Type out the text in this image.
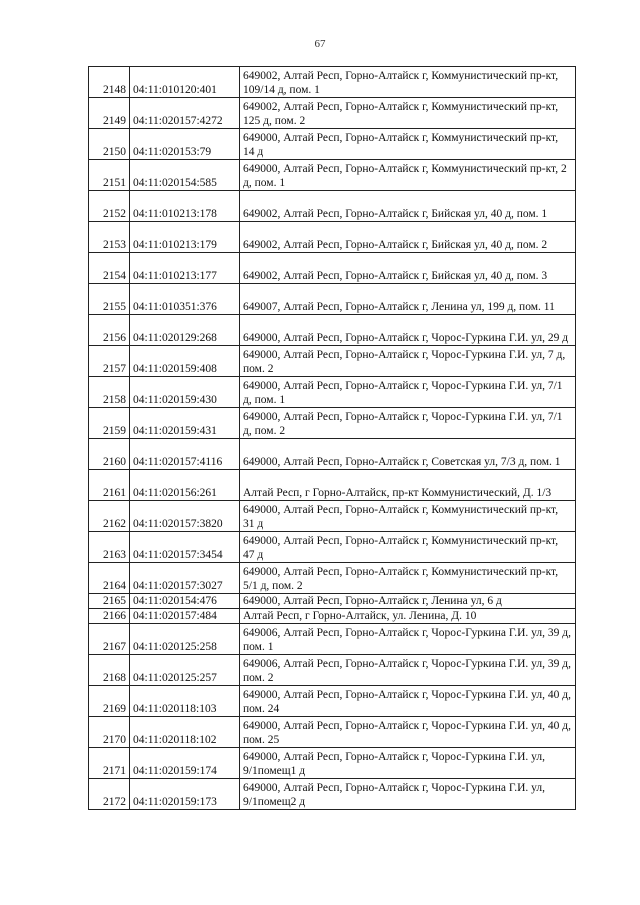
67
2148	04:11:010120:401	649002, Алтай Респ, Горно-Алтайск г, Коммунистический пр-кт, 109/14 д, пом. 1
2149	04:11:020157:4272	649002, Алтай Респ, Горно-Алтайск г, Коммунистический пр-кт, 125 д, пом. 2
2150	04:11:020153:79	649000, Алтай Респ, Горно-Алтайск г, Коммунистический пр-кт, 14 д
2151	04:11:020154:585	649000, Алтай Респ, Горно-Алтайск г, Коммунистический пр-кт, 2 д, пом. 1
2152	04:11:010213:178	649002, Алтай Респ, Горно-Алтайск г, Бийская ул, 40 д, пом. 1
2153	04:11:010213:179	649002, Алтай Респ, Горно-Алтайск г, Бийская ул, 40 д, пом. 2
2154	04:11:010213:177	649002, Алтай Респ, Горно-Алтайск г, Бийская ул, 40 д, пом. 3
2155	04:11:010351:376	649007, Алтай Респ, Горно-Алтайск г, Ленина ул, 199 д, пом. 11
2156	04:11:020129:268	649000, Алтай Респ, Горно-Алтайск г, Чорос-Гуркина Г.И. ул, 29 д
2157	04:11:020159:408	649000, Алтай Респ, Горно-Алтайск г, Чорос-Гуркина Г.И. ул, 7 д, пом. 2
2158	04:11:020159:430	649000, Алтай Респ, Горно-Алтайск г, Чорос-Гуркина Г.И. ул, 7/1 д, пом. 1
2159	04:11:020159:431	649000, Алтай Респ, Горно-Алтайск г, Чорос-Гуркина Г.И. ул, 7/1 д, пом. 2
2160	04:11:020157:4116	649000, Алтай Респ, Горно-Алтайск г, Советская ул, 7/3 д, пом. 1
2161	04:11:020156:261	Алтай Респ, г Горно-Алтайск, пр-кт Коммунистический, Д. 1/3
2162	04:11:020157:3820	649000, Алтай Респ, Горно-Алтайск г, Коммунистический пр-кт, 31 д
2163	04:11:020157:3454	649000, Алтай Респ, Горно-Алтайск г, Коммунистический пр-кт, 47 д
2164	04:11:020157:3027	649000, Алтай Респ, Горно-Алтайск г, Коммунистический пр-кт, 5/1 д, пом. 2
2165	04:11:020154:476	649000, Алтай Респ, Горно-Алтайск г, Ленина ул, 6 д
2166	04:11:020157:484	Алтай Респ, г Горно-Алтайск, ул. Ленина, Д. 10
2167	04:11:020125:258	649006, Алтай Респ, Горно-Алтайск г, Чорос-Гуркина Г.И. ул, 39 д, пом. 1
2168	04:11:020125:257	649006, Алтай Респ, Горно-Алтайск г, Чорос-Гуркина Г.И. ул, 39 д, пом. 2
2169	04:11:020118:103	649000, Алтай Респ, Горно-Алтайск г, Чорос-Гуркина Г.И. ул, 40 д, пом. 24
2170	04:11:020118:102	649000, Алтай Респ, Горно-Алтайск г, Чорос-Гуркина Г.И. ул, 40 д, пом. 25
2171	04:11:020159:174	649000, Алтай Респ, Горно-Алтайск г, Чорос-Гуркина Г.И. ул, 9/1помещ1 д
2172	04:11:020159:173	649000, Алтай Респ, Горно-Алтайск г, Чорос-Гуркина Г.И. ул, 9/1помещ2 д
